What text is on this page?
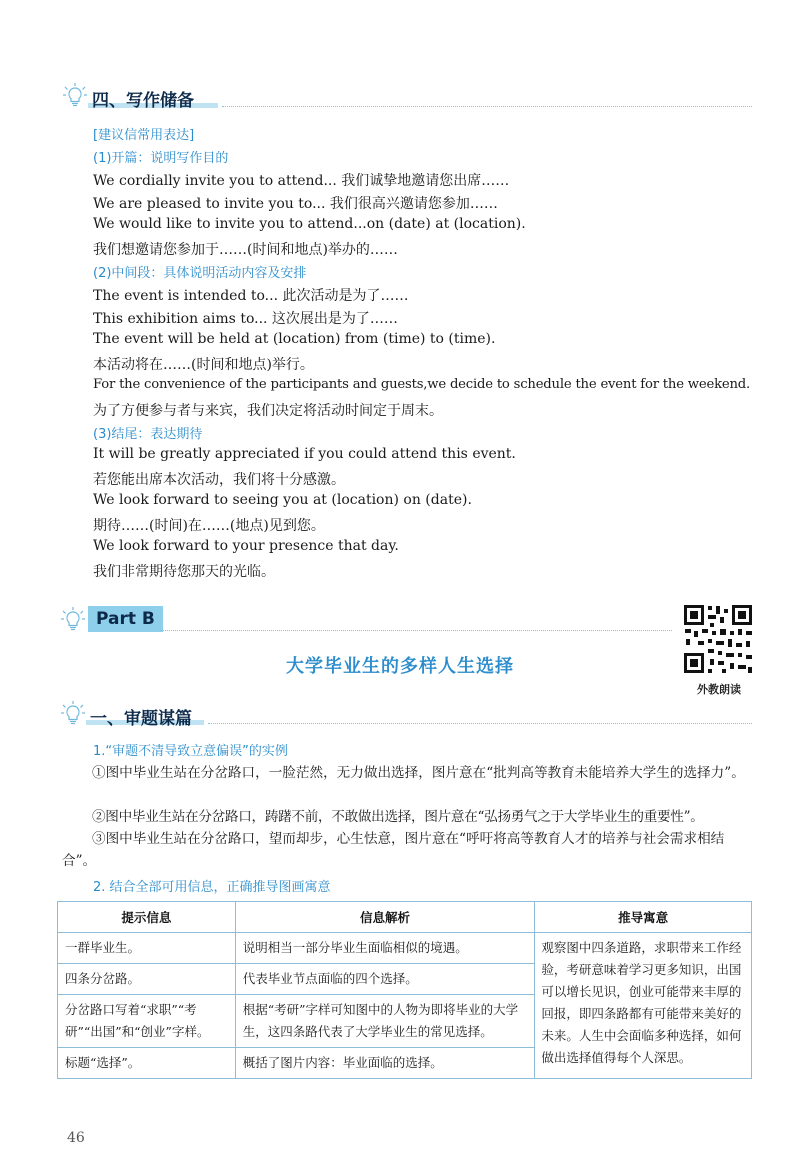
四、写作储备
[建议信常用表达]
(1)开篇：说明写作目的
We cordially invite you to attend... 我们诚挚地邀请您出席……
We are pleased to invite you to... 我们很高兴邀请您参加……
We would like to invite you to attend...on (date) at (location).
我们想邀请您参加于……(时间和地点)举办的……
(2)中间段：具体说明活动内容及安排
The event is intended to... 此次活动是为了……
This exhibition aims to... 这次展出是为了……
The event will be held at (location) from (time) to (time).
本活动将在……(时间和地点)举行。
For the convenience of the participants and guests,we decide to schedule the event for the weekend.
为了方便参与者与来宾，我们决定将活动时间定于周末。
(3)结尾：表达期待
It will be greatly appreciated if you could attend this event.
若您能出席本次活动，我们将十分感激。
We look forward to seeing you at (location) on (date).
期待……(时间)在……(地点)见到您。
We look forward to your presence that day.
我们非常期待您那天的光临。
Part B
大学毕业生的多样人生选择
外教朗读
一、审题谋篇
1.“审题不清导致立意偏误”的实例
①图中毕业生站在分岔路口，一脸茫然，无力做出选择，图片意在“批判高等教育未能培养大学生的选择力”。
②图中毕业生站在分岔路口，踌躇不前，不敢做出选择，图片意在“弘扬勇气之于大学毕业生的重要性”。
③图中毕业生站在分岔路口，望而却步，心生怯意，图片意在“呼吁将高等教育人才的培养与社会需求相结合”。
2. 结合全部可用信息，正确推导图画寓意
提示信息	信息解析	推导寓意
一群毕业生。	说明相当一部分毕业生面临相似的境遇。	观察图中四条道路，求职带来工作经验，考研意味着学习更多知识，出国可以增长见识，创业可能带来丰厚的回报，即四条路都有可能带来美好的未来。人生中会面临多种选择，如何做出选择值得每个人深思。
四条分岔路。	代表毕业节点面临的四个选择。	
分岔路口写着“求职”“考研”“出国”和“创业”字样。	根据“考研”字样可知图中的人物为即将毕业的大学生，这四条路代表了大学毕业生的常见选择。	
标题“选择”。	概括了图片内容：毕业面临的选择。	
46
